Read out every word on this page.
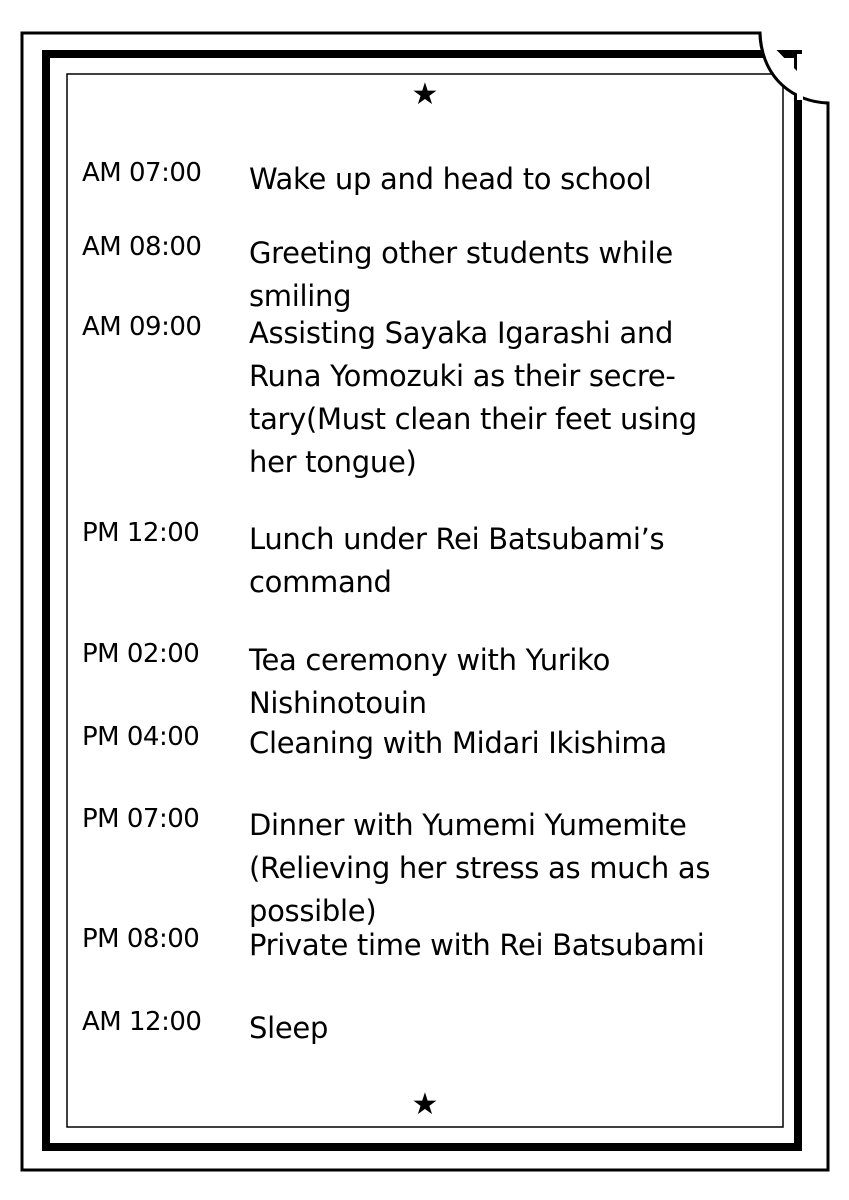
★
★
AM 07:00	Wake up and head to school
AM 08:00	Greeting other students while
smiling
AM 09:00	Assisting Sayaka Igarashi and
Runa Yomozuki as their secre-
tary(Must clean their feet using
her tongue)
PM 12:00	Lunch under Rei Batsubami’s
command
PM 02:00	Tea ceremony with Yuriko
Nishinotouin
PM 04:00	Cleaning with Midari Ikishima
PM 07:00	Dinner with Yumemi Yumemite
(Relieving her stress as much as
possible)
PM 08:00	Private time with Rei Batsubami
AM 12:00	Sleep
